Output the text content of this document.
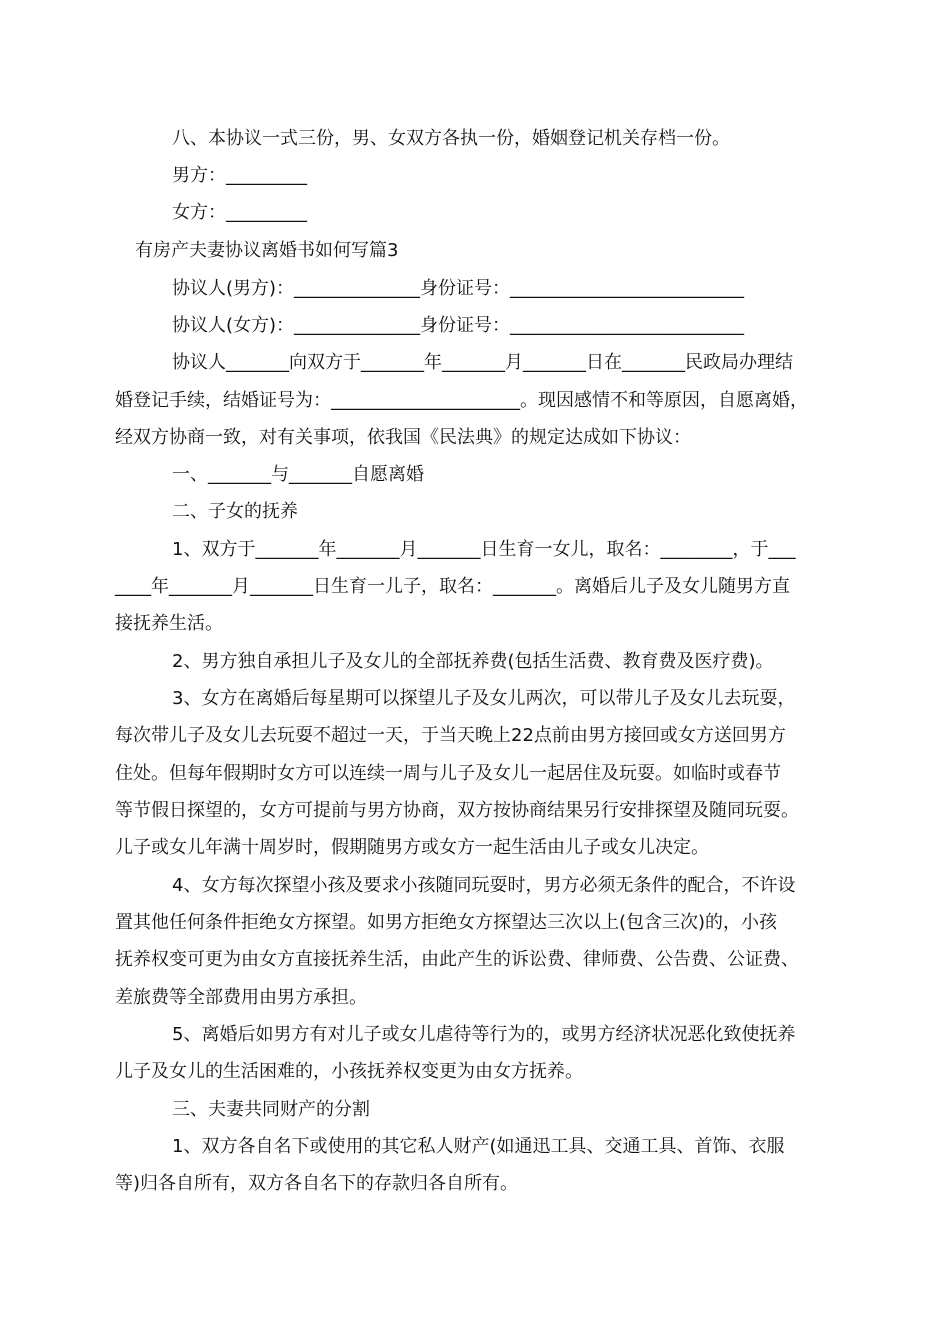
八、本协议一式三份，男、女双方各执一份，婚姻登记机关存档一份。
男方：_________
女方：_________
有房产夫妻协议离婚书如何写篇3
协议人(男方)：______________身份证号：__________________________
协议人(女方)：______________身份证号：__________________________
协议人_______向双方于_______年_______月_______日在_______民政局办理结
婚登记手续，结婚证号为：_____________________。现因感情不和等原因，自愿离婚，
经双方协商一致，对有关事项，依我国《民法典》的规定达成如下协议：
一、_______与_______自愿离婚
二、子女的抚养
1、双方于_______年_______月_______日生育一女儿，取名：________，于___
____年_______月_______日生育一儿子，取名：_______。离婚后儿子及女儿随男方直
接抚养生活。
2、男方独自承担儿子及女儿的全部抚养费(包括生活费、教育费及医疗费)。
3、女方在离婚后每星期可以探望儿子及女儿两次，可以带儿子及女儿去玩耍，
每次带儿子及女儿去玩耍不超过一天，于当天晚上22点前由男方接回或女方送回男方
住处。但每年假期时女方可以连续一周与儿子及女儿一起居住及玩耍。如临时或春节
等节假日探望的，女方可提前与男方协商，双方按协商结果另行安排探望及随同玩耍。
儿子或女儿年满十周岁时，假期随男方或女方一起生活由儿子或女儿决定。
4、女方每次探望小孩及要求小孩随同玩耍时，男方必须无条件的配合，不许设
置其他任何条件拒绝女方探望。如男方拒绝女方探望达三次以上(包含三次)的，小孩
抚养权变可更为由女方直接抚养生活，由此产生的诉讼费、律师费、公告费、公证费、
差旅费等全部费用由男方承担。
5、离婚后如男方有对儿子或女儿虐待等行为的，或男方经济状况恶化致使抚养
儿子及女儿的生活困难的，小孩抚养权变更为由女方抚养。
三、夫妻共同财产的分割
1、双方各自名下或使用的其它私人财产(如通迅工具、交通工具、首饰、衣服
等)归各自所有，双方各自名下的存款归各自所有。
